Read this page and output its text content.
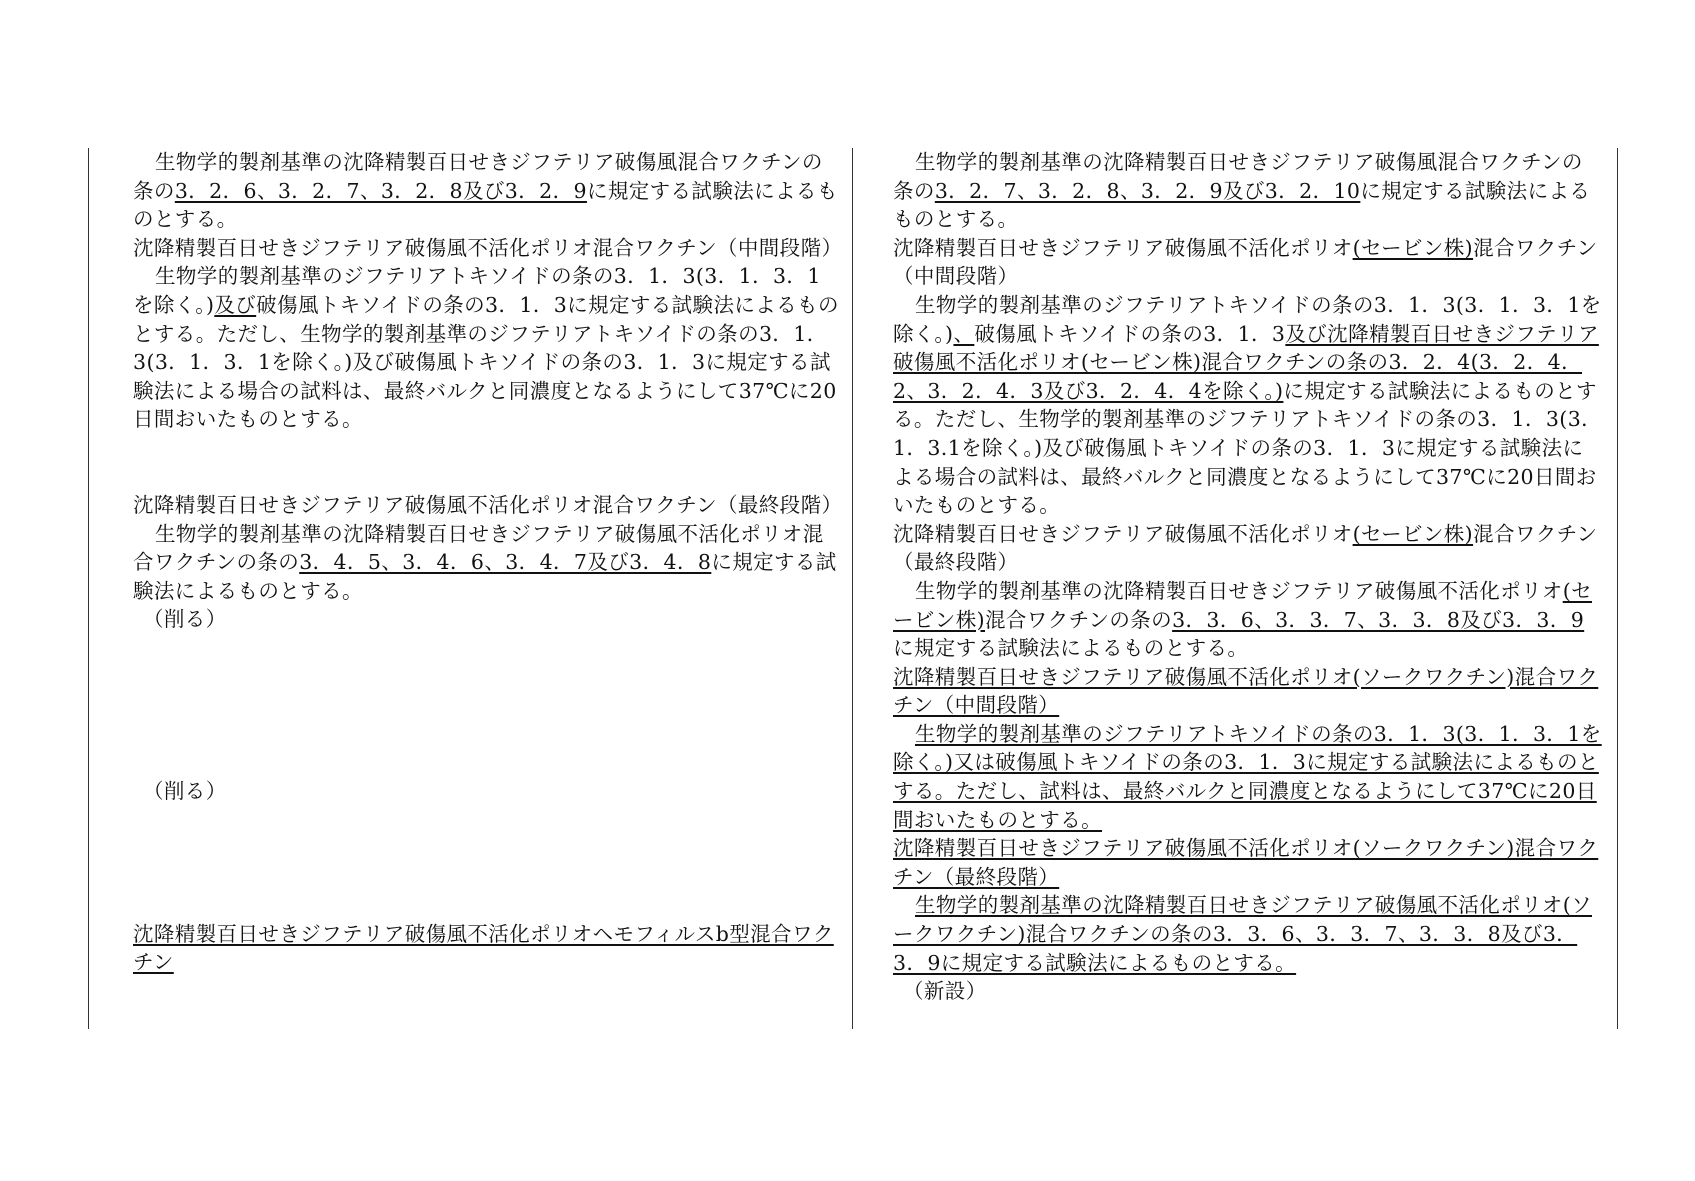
生物学的製剤基準の沈降精製百日せきジフテリア破傷風混合ワクチンの条の3．2．6、3．2．7、3．2．8及び3．2．9に規定する試験法によるものとする。

沈降精製百日せきジフテリア破傷風不活化ポリオ混合ワクチン（中間段階）

生物学的製剤基準のジフテリアトキソイドの条の3．1．3(3．1．3．1を除く。)及び破傷風トキソイドの条の3．1．3に規定する試験法によるものとする。ただし、生物学的製剤基準のジフテリアトキソイドの条の3．1．3(3．1．3．1を除く。)及び破傷風トキソイドの条の3．1．3に規定する試験法による場合の試料は、最終バルクと同濃度となるようにして37℃に20日間おいたものとする。

沈降精製百日せきジフテリア破傷風不活化ポリオ混合ワクチン（最終段階）

生物学的製剤基準の沈降精製百日せきジフテリア破傷風不活化ポリオ混合ワクチンの条の3．4．5、3．4．6、3．4．7及び3．4．8に規定する試験法によるものとする。

（削る）

（削る）

沈降精製百日せきジフテリア破傷風不活化ポリオヘモフィルスb型混合ワクチン

生物学的製剤基準の沈降精製百日せきジフテリア破傷風混合ワクチンの条の3．2．7、3．2．8、3．2．9及び3．2．10に規定する試験法によるものとする。

沈降精製百日せきジフテリア破傷風不活化ポリオ(セービン株)混合ワクチン（中間段階）

生物学的製剤基準のジフテリアトキソイドの条の3．1．3(3．1．3．1を除く。)、破傷風トキソイドの条の3．1．3及び沈降精製百日せきジフテリア破傷風不活化ポリオ(セービン株)混合ワクチンの条の3．2．4(3．2．4．2、3．2．4．3及び3．2．4．4を除く。)に規定する試験法によるものとする。ただし、生物学的製剤基準のジフテリアトキソイドの条の3．1．3(3．1．3.1を除く。)及び破傷風トキソイドの条の3．1．3に規定する試験法による場合の試料は、最終バルクと同濃度となるようにして37℃に20日間おいたものとする。

沈降精製百日せきジフテリア破傷風不活化ポリオ(セービン株)混合ワクチン（最終段階）

生物学的製剤基準の沈降精製百日せきジフテリア破傷風不活化ポリオ(セービン株)混合ワクチンの条の3．3．6、3．3．7、3．3．8及び3．3．9に規定する試験法によるものとする。

沈降精製百日せきジフテリア破傷風不活化ポリオ(ソークワクチン)混合ワクチン（中間段階）

生物学的製剤基準のジフテリアトキソイドの条の3．1．3(3．1．3．1を除く。)又は破傷風トキソイドの条の3．1．3に規定する試験法によるものとする。ただし、試料は、最終バルクと同濃度となるようにして37℃に20日間おいたものとする。

沈降精製百日せきジフテリア破傷風不活化ポリオ(ソークワクチン)混合ワクチン（最終段階）

生物学的製剤基準の沈降精製百日せきジフテリア破傷風不活化ポリオ(ソークワクチン)混合ワクチンの条の3．3．6、3．3．7、3．3．8及び3．3．9に規定する試験法によるものとする。

（新設）
